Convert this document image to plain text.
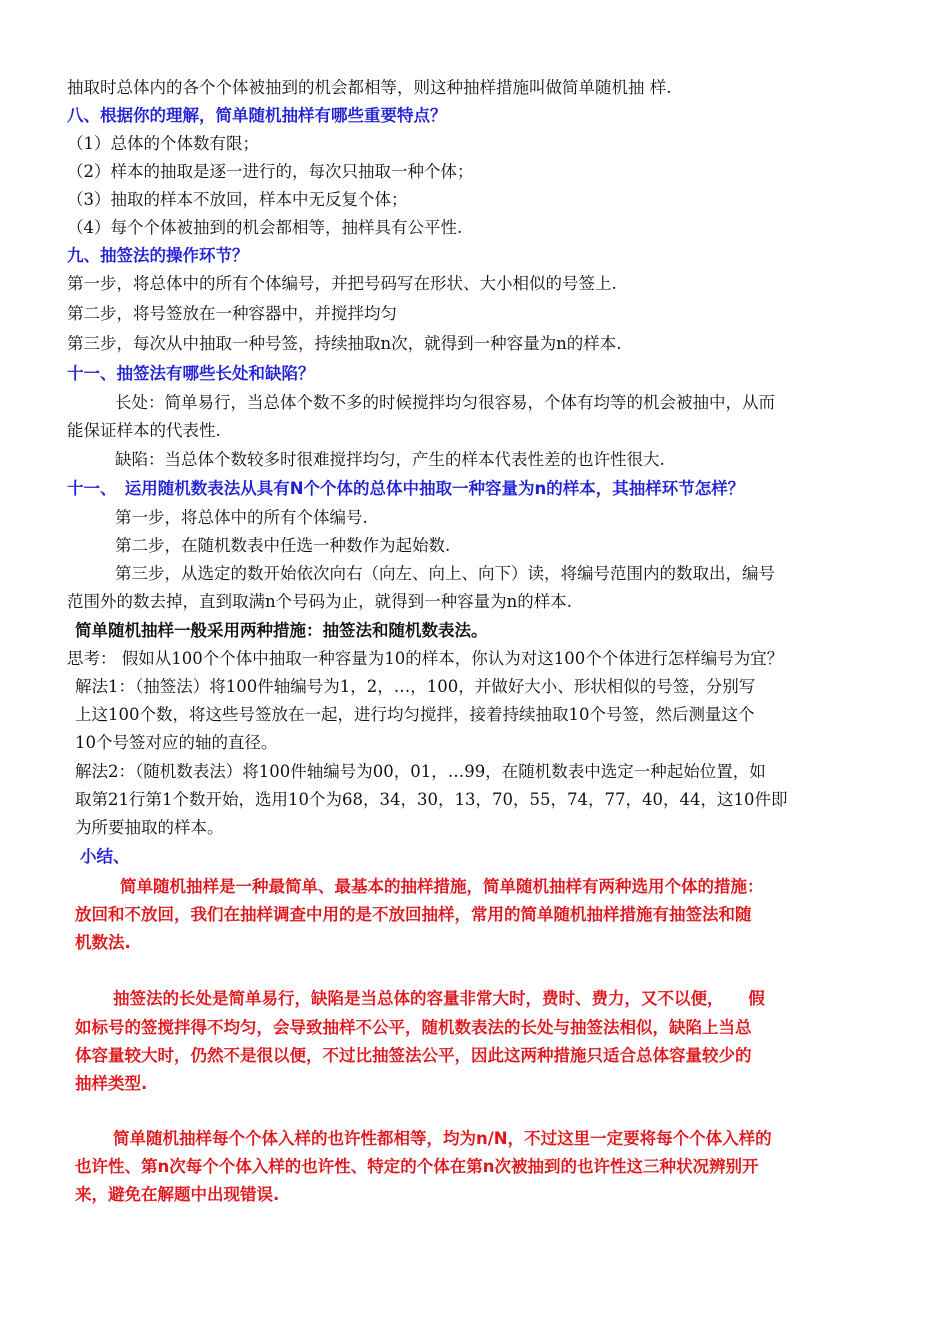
抽取时总体内的各个个体被抽到的机会都相等，则这种抽样措施叫做简单随机抽 样.
八、根据你的理解，简单随机抽样有哪些重要特点？
（1）总体的个体数有限；
（2）样本的抽取是逐一进行的，每次只抽取一种个体；
（3）抽取的样本不放回，样本中无反复个体；
（4）每个个体被抽到的机会都相等，抽样具有公平性.
九、抽签法的操作环节？
第一步，将总体中的所有个体编号，并把号码写在形状、大小相似的号签上.
第二步，将号签放在一种容器中，并搅拌均匀
第三步，每次从中抽取一种号签，持续抽取n次，就得到一种容量为n的样本.
十一、抽签法有哪些长处和缺陷？
长处：简单易行，当总体个数不多的时候搅拌均匀很容易，个体有均等的机会被抽中，从而
能保证样本的代表性.
缺陷：当总体个数较多时很难搅拌均匀，产生的样本代表性差的也许性很大.
十一、　运用随机数表法从具有N个个体的总体中抽取一种容量为n的样本，其抽样环节怎样？
第一步，将总体中的所有个体编号.
第二步，在随机数表中任选一种数作为起始数.
第三步，从选定的数开始依次向右（向左、向上、向下）读，将编号范围内的数取出，编号
范围外的数去掉，直到取满n个号码为止，就得到一种容量为n的样本.
简单随机抽样一般采用两种措施：抽签法和随机数表法。
思考： 假如从100个个体中抽取一种容量为10的样本，你认为对这100个个体进行怎样编号为宜？
解法1：（抽签法）将100件轴编号为1，2，…，100，并做好大小、形状相似的号签，分别写
上这100个数，将这些号签放在一起，进行均匀搅拌，接着持续抽取10个号签，然后测量这个
10个号签对应的轴的直径。
解法2：（随机数表法）将100件轴编号为00，01，…99，在随机数表中选定一种起始位置，如
取第21行第1个数开始，选用10个为68，34，30，13，70，55，74，77，40，44，这10件即
为所要抽取的样本。
小结、
简单随机抽样是一种最简单、最基本的抽样措施，简单随机抽样有两种选用个体的措施：
放回和不放回，我们在抽样调查中用的是不放回抽样，常用的简单随机抽样措施有抽签法和随
机数法.
抽签法的长处是简单易行，缺陷是当总体的容量非常大时，费时、费力，又不以便，　　假
如标号的签搅拌得不均匀，会导致抽样不公平，随机数表法的长处与抽签法相似，缺陷上当总
体容量较大时，仍然不是很以便，不过比抽签法公平，因此这两种措施只适合总体容量较少的
抽样类型.
简单随机抽样每个个体入样的也许性都相等，均为n/N，不过这里一定要将每个个体入样的
也许性、第n次每个个体入样的也许性、特定的个体在第n次被抽到的也许性这三种状况辨别开
来，避免在解题中出现错误.
